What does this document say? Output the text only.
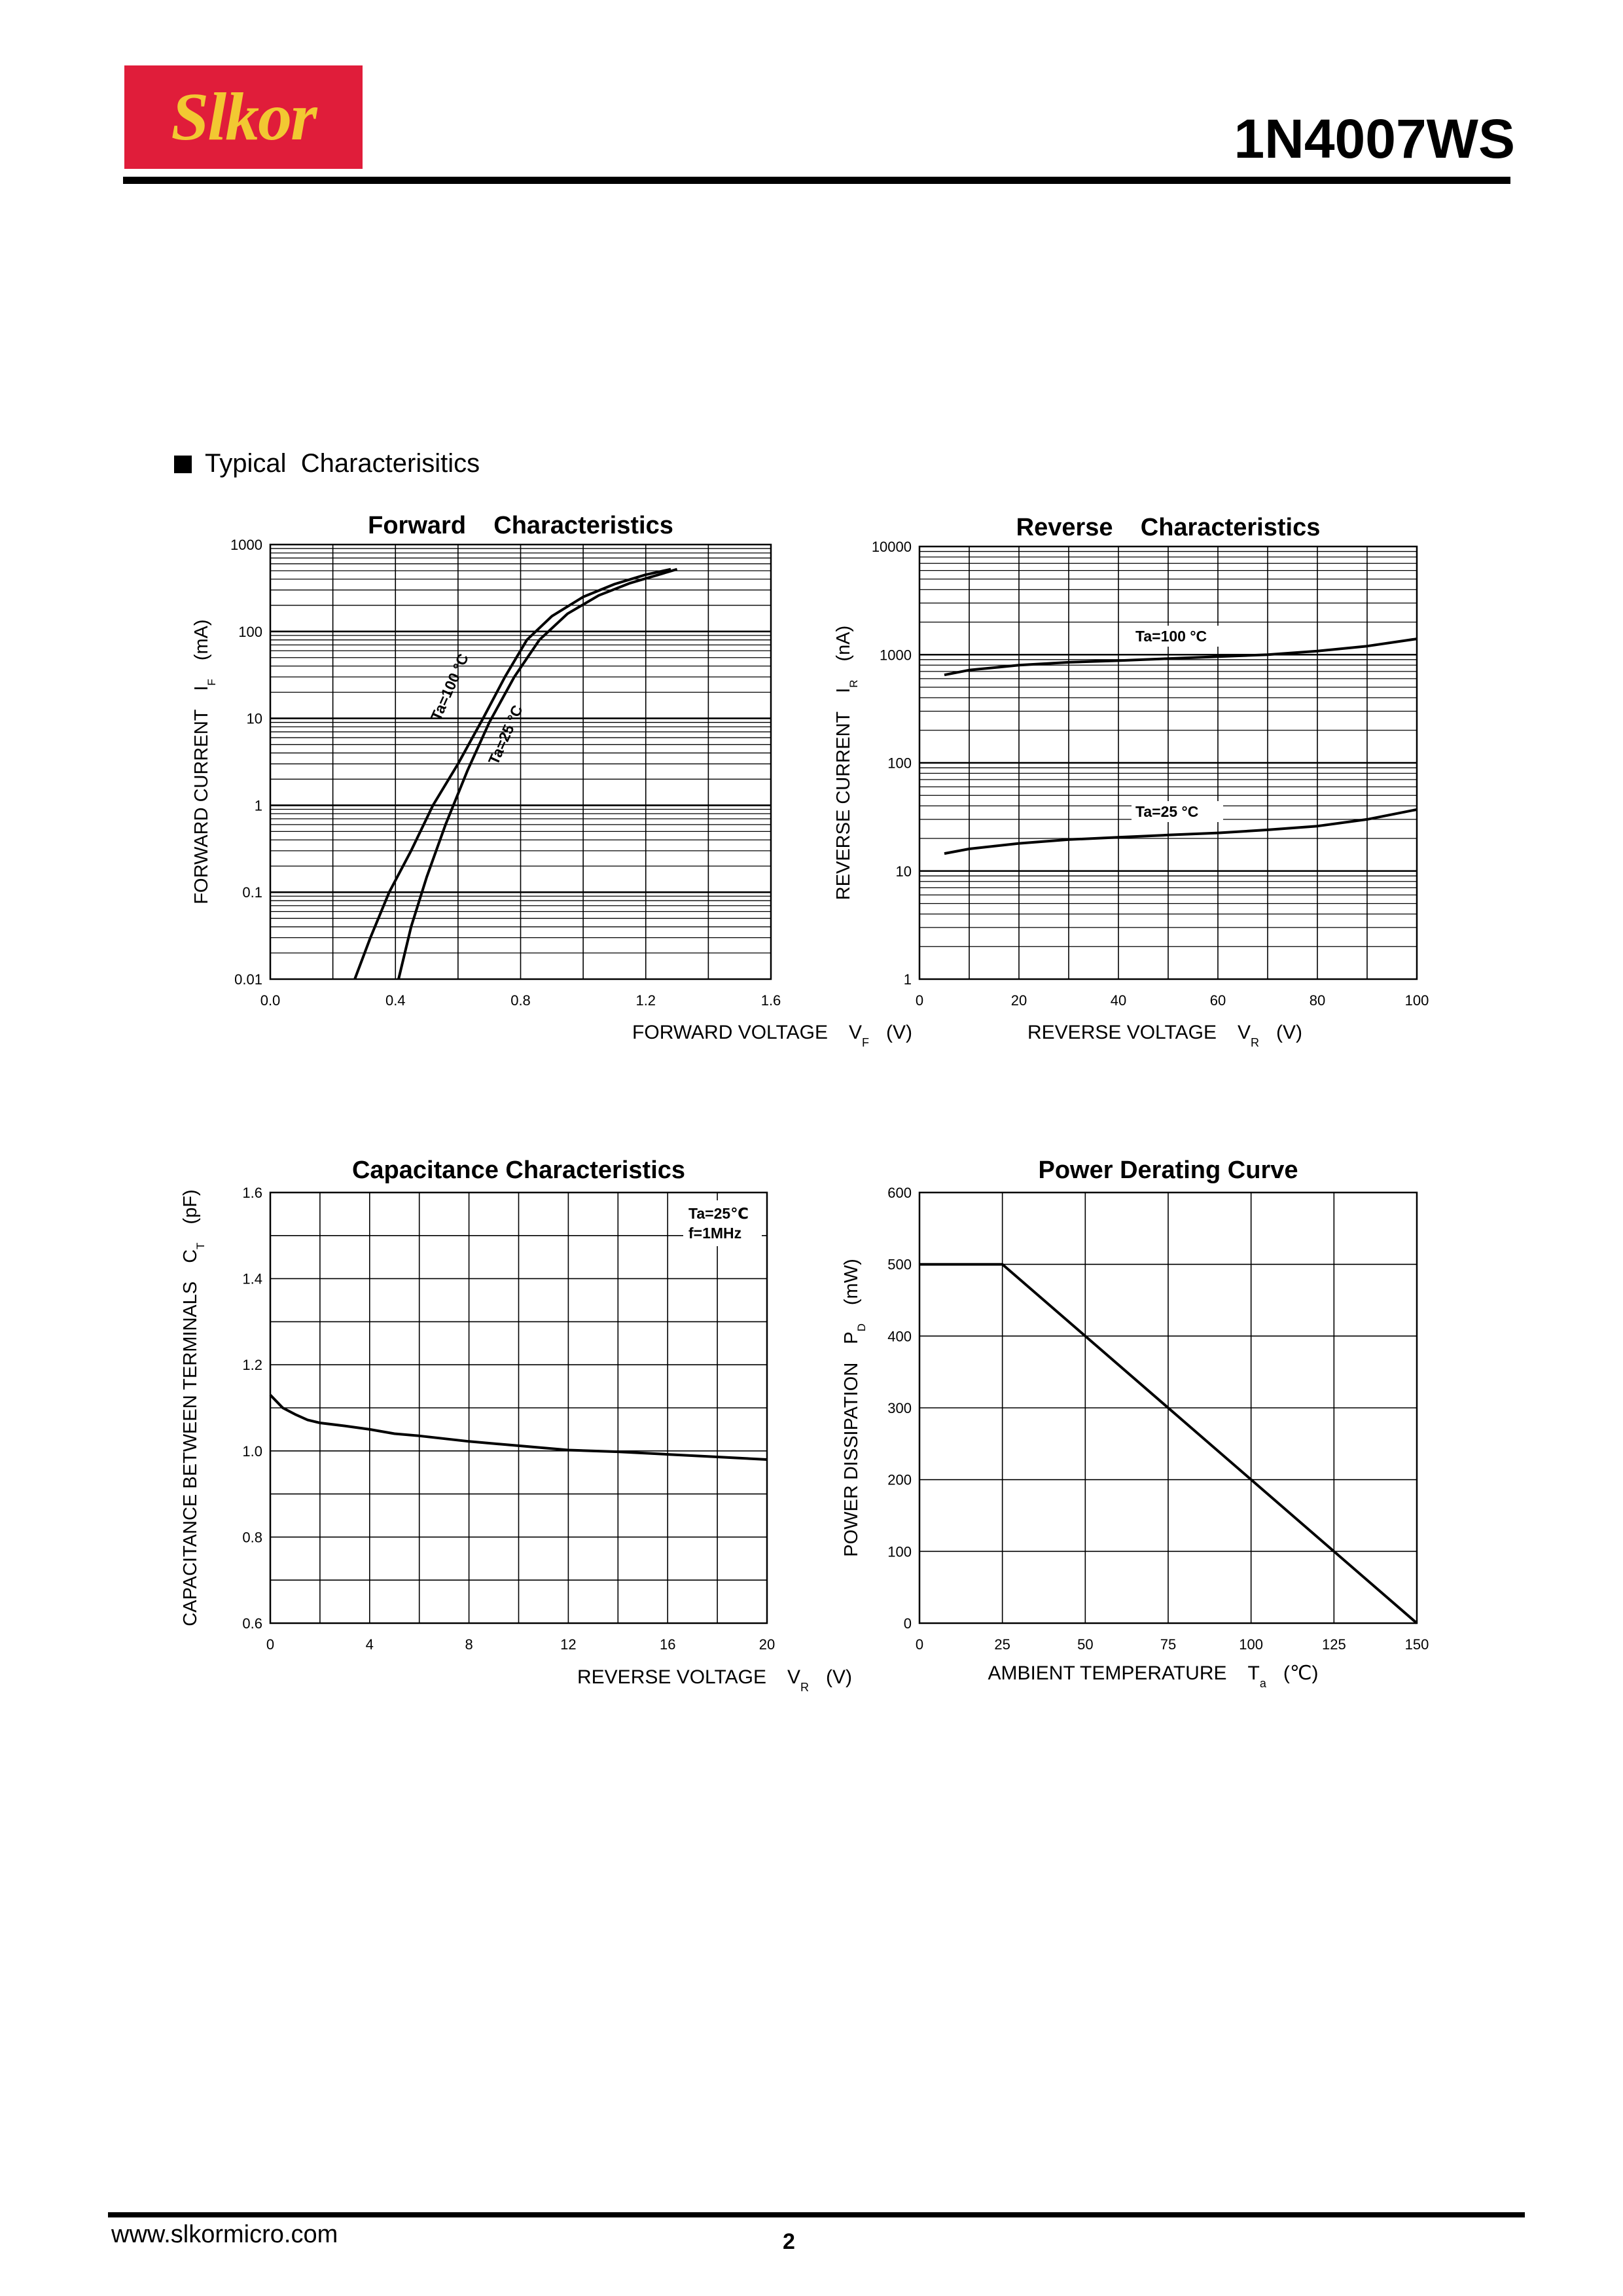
Slkor	1N4007WS
Typical  Characterisitics
0.0	0.4	0.8	1.2	1.6
0.01
0.1
1
10
100
1000
Forward    Characteristics
FORWARD VOLTAGE $V_F$ (V)
FORWARD $CURRENTI_F(mA)$
Ta=100 °C
Ta=25 °C
0	20	40	60	80	100
1
10
100
1000
10000
Reverse    Characteristics
REVERSE VOLTAGE $V_R$ (V)
REVERSE $CURRENTI_R(nA)$	Ta=100 °C
Ta=25 °C
0	4	8	12	16	20
0.6
0.8
1.0
1.2
1.4
1.6
Capacitance Characteristics
REVERSE VOLTAGE $V_R$ (V)
CAPACITANCE BETWEEN $TERMINALSC_T(pF)$	Ta=25℃
f=1MHz
0	25	50	75	100	125	150
0
100
200
300
400
500
600
Power Derating Curve
AMBIENT TEMPERATURE $T_a$ (℃)
POWER $DISSIPATIONP_D(mW)$
www.slkormicro.com	2
